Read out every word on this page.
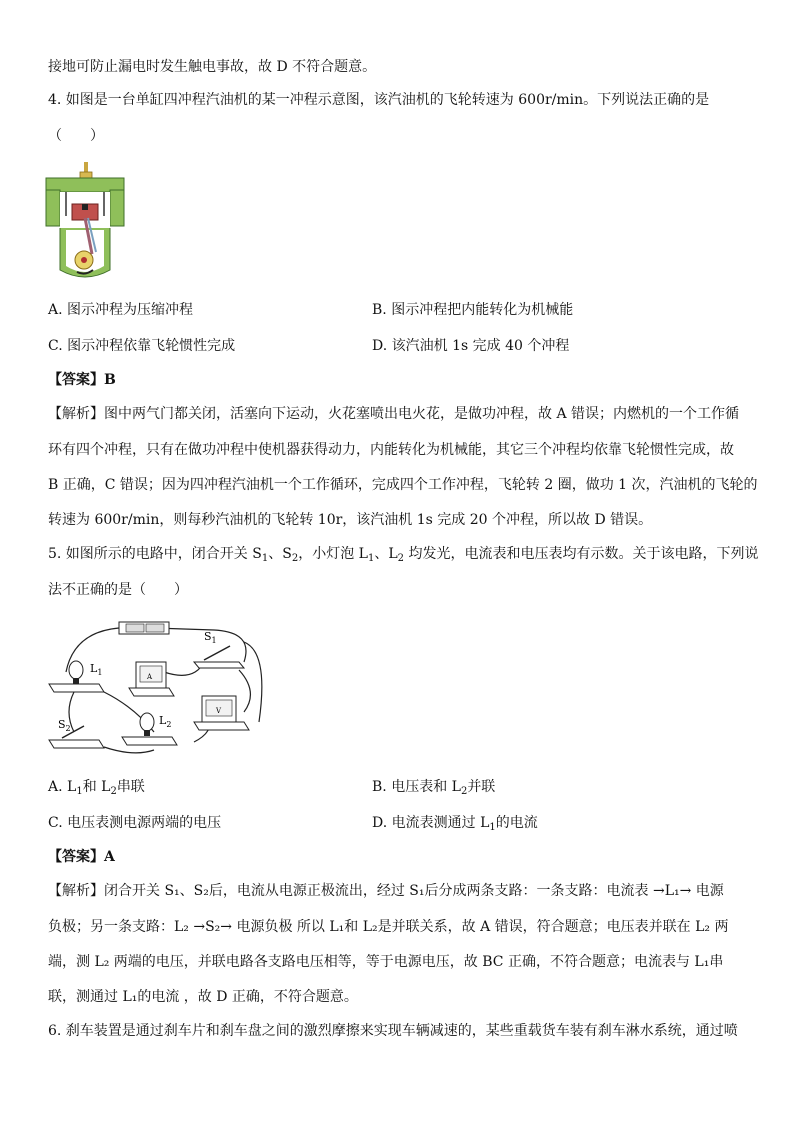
接地可防止漏电时发生触电事故，故 D 不符合题意。
4. 如图是一台单缸四冲程汽油机的某一冲程示意图，该汽油机的飞轮转速为 600r/min。下列说法正确的是
（　　）
A. 图示冲程为压缩冲程	B. 图示冲程把内能转化为机械能
C. 图示冲程依靠飞轮惯性完成	D. 该汽油机 1s 完成 40 个冲程
【答案】B
【解析】图中两气门都关闭，活塞向下运动，火花塞喷出电火花，是做功冲程，故 A 错误；内燃机的一个工作循
环有四个冲程，只有在做功冲程中使机器获得动力，内能转化为机械能，其它三个冲程均依靠飞轮惯性完成，故
B 正确，C 错误；因为四冲程汽油机一个工作循环，完成四个工作冲程，飞轮转 2 圈，做功 1 次，汽油机的飞轮的
转速为 600r/min，则每秒汽油机的飞轮转 10r，该汽油机 1s 完成 20 个冲程，所以故 D 错误。
5. 如图所示的电路中，闭合开关 $S_1$、$S_2$，小灯泡 $L_1$、$L_2$ 均发光，电流表和电压表均有示数。关于该电路，下列说
法不正确的是（　　）
$S_1$
$L_1$	A
$S_2$
$L_2$
V
A. $L_1$和 $L_2$串联	B. 电压表和 $L_2$并联
C. 电压表测电源两端的电压	D. 电流表测通过 $L_1$的电流
【答案】A
【解析】闭合开关 S₁、S₂后，电流从电源正极流出，经过 S₁后分成两条支路：一条支路：电流表 →L₁→ 电源
负极；另一条支路：L₂ →S₂→ 电源负极 所以 L₁和 L₂是并联关系，故 A 错误，符合题意；电压表并联在 L₂ 两
端，测 L₂ 两端的电压，并联电路各支路电压相等，等于电源电压，故 BC 正确，不符合题意；电流表与 L₁串
联，测通过 L₁的电流 ，故 D 正确，不符合题意。
6. 刹车装置是通过刹车片和刹车盘之间的激烈摩擦来实现车辆减速的，某些重载货车装有刹车淋水系统，通过喷
